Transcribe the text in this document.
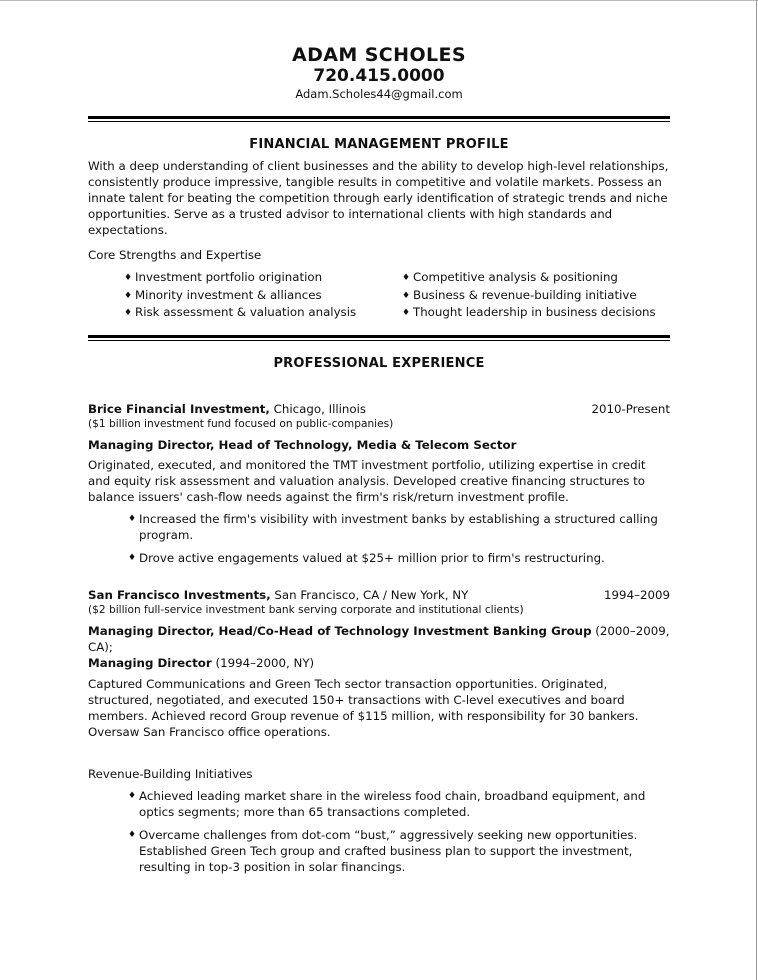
ADAM SCHOLES
720.415.0000
Adam.Scholes44@gmail.com
FINANCIAL MANAGEMENT PROFILE

With a deep understanding of client businesses and the ability to develop high-level relationships, consistently produce impressive, tangible results in competitive and volatile markets. Possess an innate talent for beating the competition through early identification of strategic trends and niche opportunities. Serve as a trusted advisor to international clients with high standards and expectations.

Core Strengths and Expertise

♦ Investment portfolio origination
♦ Minority investment & alliances
♦ Risk assessment & valuation analysis
♦ Competitive analysis & positioning
♦ Business & revenue-building initiative
♦ Thought leadership in business decisions
PROFESSIONAL EXPERIENCE
Brice Financial Investment, Chicago, Illinois	2010-Present
($1 billion investment fund focused on public-companies)
Managing Director, Head of Technology, Media & Telecom Sector

Originated, executed, and monitored the TMT investment portfolio, utilizing expertise in credit and equity risk assessment and valuation analysis. Developed creative financing structures to balance issuers' cash-flow needs against the firm's risk/return investment profile.

♦ Increased the firm's visibility with investment banks by establishing a structured calling program.
♦ Drove active engagements valued at $25+ million prior to firm's restructuring.
San Francisco Investments, San Francisco, CA / New York, NY	1994–2009
($2 billion full-service investment bank serving corporate and institutional clients)
Managing Director, Head/Co-Head of Technology Investment Banking Group (2000–2009, CA);
Managing Director (1994–2000, NY)

Captured Communications and Green Tech sector transaction opportunities. Originated, structured, negotiated, and executed 150+ transactions with C-level executives and board members. Achieved record Group revenue of $115 million, with responsibility for 30 bankers. Oversaw San Francisco office operations.

Revenue-Building Initiatives

♦ Achieved leading market share in the wireless food chain, broadband equipment, and optics segments; more than 65 transactions completed.
♦ Overcame challenges from dot-com “bust,” aggressively seeking new opportunities. Established Green Tech group and crafted business plan to support the investment, resulting in top-3 position in solar financings.
